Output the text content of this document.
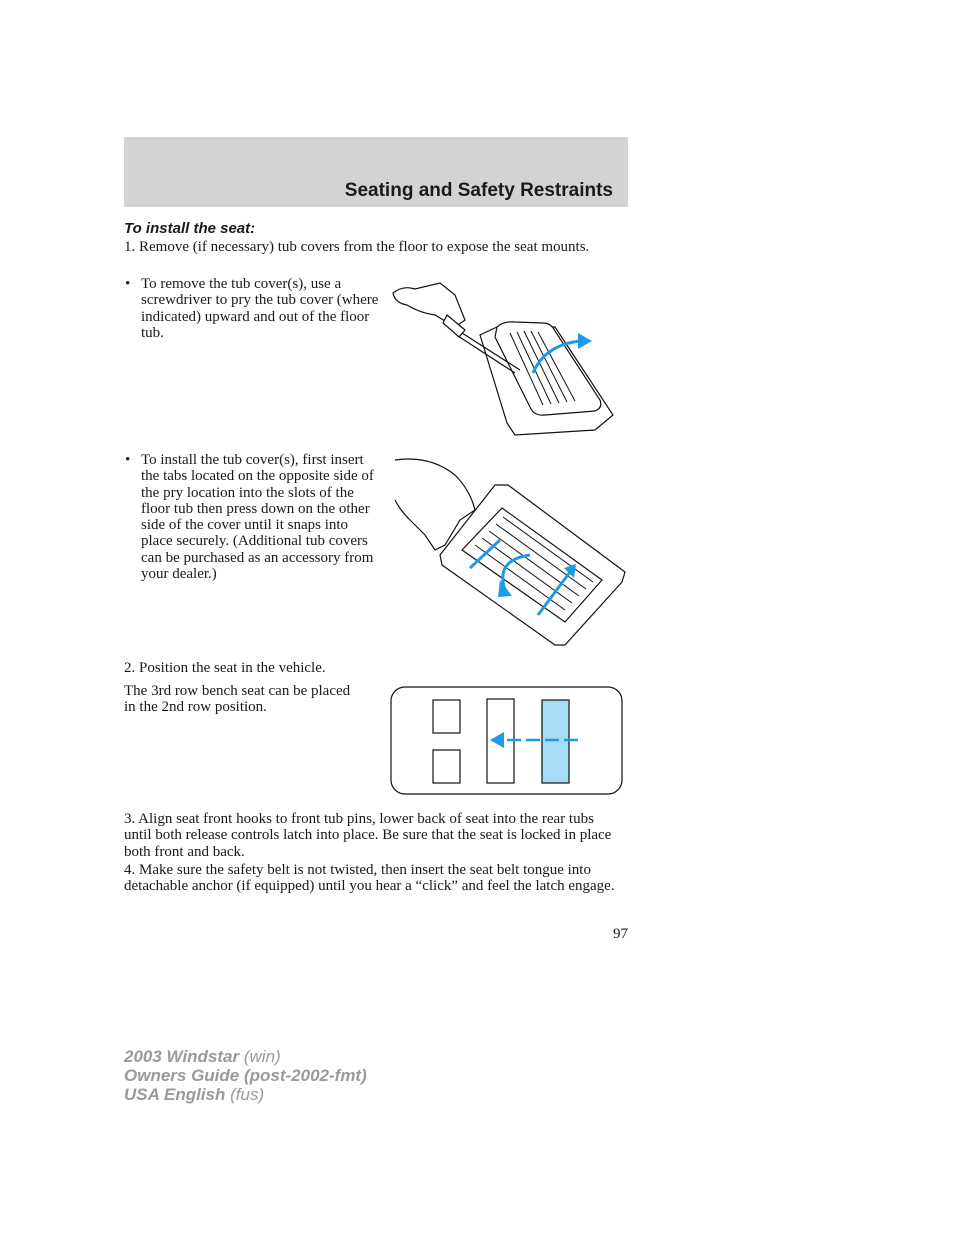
Seating and Safety Restraints
To install the seat:
1. Remove (if necessary) tub covers from the floor to expose the seat mounts.
• To remove the tub cover(s), use a screwdriver to pry the tub cover (where indicated) upward and out of the floor tub.
• To install the tub cover(s), first insert the tabs located on the opposite side of the pry location into the slots of the floor tub then press down on the other side of the cover until it snaps into place securely. (Additional tub covers can be purchased as an accessory from your dealer.)
2. Position the seat in the vehicle.
The 3rd row bench seat can be placed in the 2nd row position.
3. Align seat front hooks to front tub pins, lower back of seat into the rear tubs until both release controls latch into place. Be sure that the seat is locked in place both front and back.
4. Make sure the safety belt is not twisted, then insert the seat belt tongue into detachable anchor (if equipped) until you hear a “click” and feel the latch engage.
97
2003 Windstar (win)
Owners Guide (post-2002-fmt)
USA English (fus)
